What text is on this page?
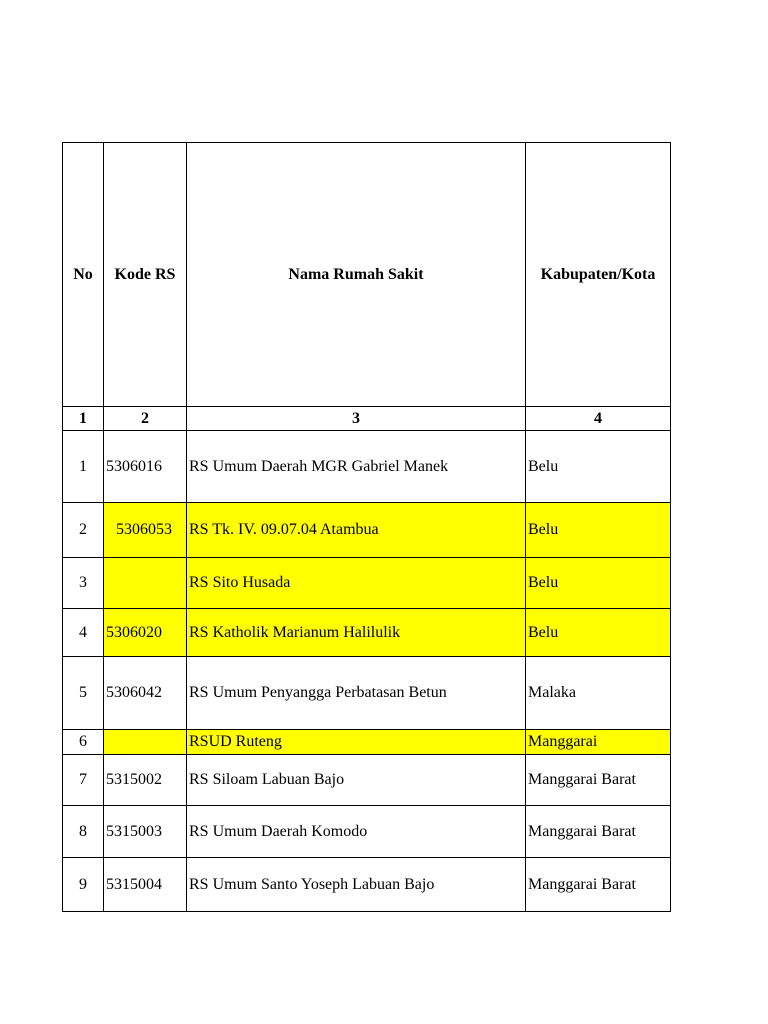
No	Kode RS	Nama Rumah Sakit	Kabupaten/Kota
1	2	3	4
1	5306016	RS Umum Daerah MGR Gabriel Manek	Belu
2	5306053	RS Tk. IV. 09.07.04 Atambua	Belu
3		RS Sito Husada	Belu
4	5306020	RS Katholik Marianum Halilulik	Belu
5	5306042	RS Umum Penyangga Perbatasan Betun	Malaka
6		RSUD Ruteng	Manggarai
7	5315002	RS Siloam Labuan Bajo	Manggarai Barat
8	5315003	RS Umum Daerah Komodo	Manggarai Barat
9	5315004	RS Umum Santo Yoseph Labuan Bajo	Manggarai Barat
